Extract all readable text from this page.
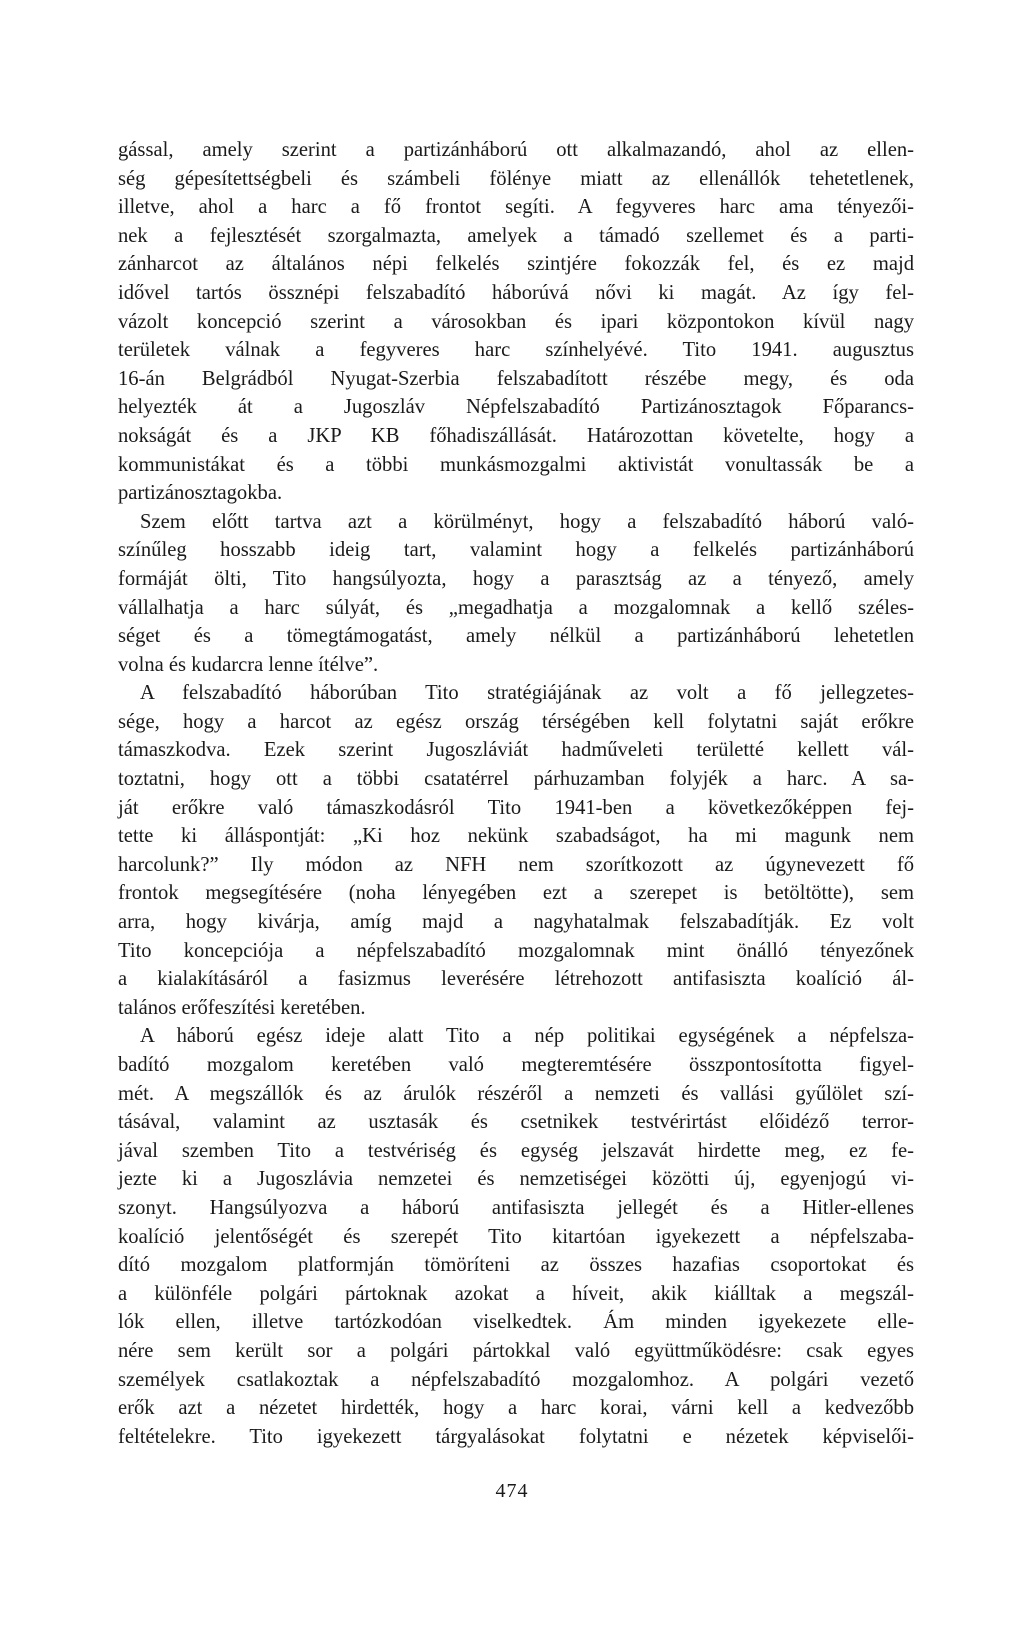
gással, amely szerint a partizánháború ott alkalmazandó, ahol az ellen-
ség gépesítettségbeli és számbeli fölénye miatt az ellenállók tehetetlenek,
illetve, ahol a harc a fő frontot segíti. A fegyveres harc ama tényezői-
nek a fejlesztését szorgalmazta, amelyek a támadó szellemet és a parti-
zánharcot az általános népi felkelés szintjére fokozzák fel, és ez majd
idővel tartós össznépi felszabadító háborúvá nővi ki magát. Az így fel-
vázolt koncepció szerint a városokban és ipari központokon kívül nagy
területek válnak a fegyveres harc színhelyévé. Tito 1941. augusztus
16-án Belgrádból Nyugat-Szerbia felszabadított részébe megy, és oda
helyezték át a Jugoszláv Népfelszabadító Partizánosztagok Főparancs-
nokságát és a JKP KB főhadiszállását. Határozottan követelte, hogy a
kommunistákat és a többi munkásmozgalmi aktivistát vonultassák be a
partizánosztagokba.
Szem előtt tartva azt a körülményt, hogy a felszabadító háború való-
színűleg hosszabb ideig tart, valamint hogy a felkelés partizánháború
formáját ölti, Tito hangsúlyozta, hogy a parasztság az a tényező, amely
vállalhatja a harc súlyát, és „megadhatja a mozgalomnak a kellő széles-
séget és a tömegtámogatást, amely nélkül a partizánháború lehetetlen
volna és kudarcra lenne ítélve”.
A felszabadító háborúban Tito stratégiájának az volt a fő jellegzetes-
sége, hogy a harcot az egész ország térségében kell folytatni saját erőkre
támaszkodva. Ezek szerint Jugoszláviát hadműveleti területté kellett vál-
toztatni, hogy ott a többi csatatérrel párhuzamban folyjék a harc. A sa-
ját erőkre való támaszkodásról Tito 1941-ben a következőképpen fej-
tette ki álláspontját: „Ki hoz nekünk szabadságot, ha mi magunk nem
harcolunk?” Ily módon az NFH nem szorítkozott az úgynevezett fő
frontok megsegítésére (noha lényegében ezt a szerepet is betöltötte), sem
arra, hogy kivárja, amíg majd a nagyhatalmak felszabadítják. Ez volt
Tito koncepciója a népfelszabadító mozgalomnak mint önálló tényezőnek
a kialakításáról a fasizmus leverésére létrehozott antifasiszta koalíció ál-
talános erőfeszítési keretében.
A háború egész ideje alatt Tito a nép politikai egységének a népfelsza-
badító mozgalom keretében való megteremtésére összpontosította figyel-
mét. A megszállók és az árulók részéről a nemzeti és vallási gyűlölet szí-
tásával, valamint az usztasák és csetnikek testvérirtást előidéző terror-
jával szemben Tito a testvériség és egység jelszavát hirdette meg, ez fe-
jezte ki a Jugoszlávia nemzetei és nemzetiségei közötti új, egyenjogú vi-
szonyt. Hangsúlyozva a háború antifasiszta jellegét és a Hitler-ellenes
koalíció jelentőségét és szerepét Tito kitartóan igyekezett a népfelszaba-
dító mozgalom platformján tömöríteni az összes hazafias csoportokat és
a különféle polgári pártoknak azokat a híveit, akik kiálltak a megszál-
lók ellen, illetve tartózkodóan viselkedtek. Ám minden igyekezete elle-
nére sem került sor a polgári pártokkal való együttműködésre: csak egyes
személyek csatlakoztak a népfelszabadító mozgalomhoz. A polgári vezető
erők azt a nézetet hirdették, hogy a harc korai, várni kell a kedvezőbb
feltételekre. Tito igyekezett tárgyalásokat folytatni e nézetek képviselői-
474
